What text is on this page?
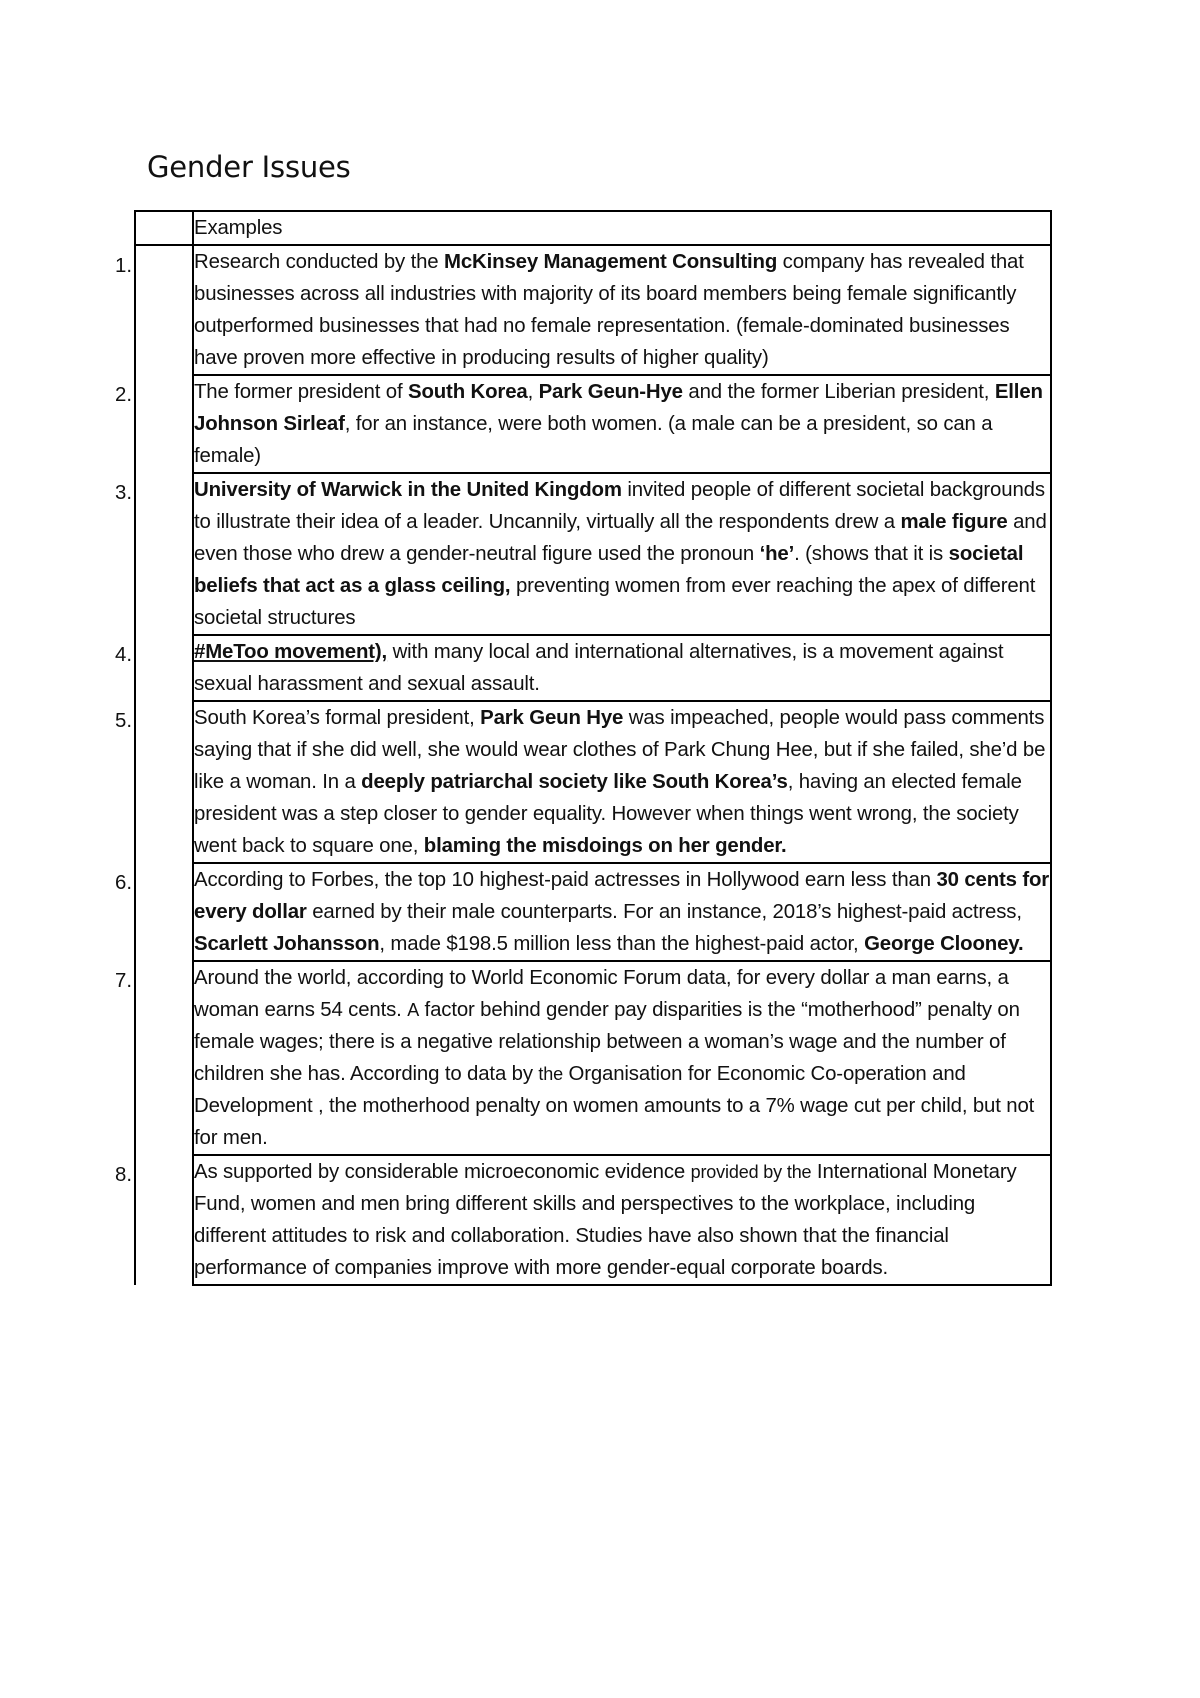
Gender Issues
	Examples

1.	Research conducted by the McKinsey Management Consulting company has revealed that businesses across all industries with majority of its board members being female significantly outperformed businesses that had no female representation. (female-dominated businesses have proven more effective in producing results of higher quality)

2.	The former president of South Korea, Park Geun-Hye and the former Liberian president, Ellen Johnson Sirleaf, for an instance, were both women. (a male can be a president, so can a female)

3.	University of Warwick in the United Kingdom invited people of different societal backgrounds to illustrate their idea of a leader. Uncannily, virtually all the respondents drew a male figure and even those who drew a gender-neutral figure used the pronoun ‘he’. (shows that it is societal beliefs that act as a glass ceiling, preventing women from ever reaching the apex of different societal structures

4.	#MeToo movement), with many local and international alternatives, is a movement against sexual harassment and sexual assault.

5.	South Korea’s formal president, Park Geun Hye was impeached, people would pass comments saying that if she did well, she would wear clothes of Park Chung Hee, but if she failed, she’d be like a woman. In a deeply patriarchal society like South Korea’s, having an elected female president was a step closer to gender equality. However when things went wrong, the society went back to square one, blaming the misdoings on her gender.

6.	According to Forbes, the top 10 highest-paid actresses in Hollywood earn less than 30 cents for every dollar earned by their male counterparts. For an instance, 2018’s highest-paid actress, Scarlett Johansson, made $198.5 million less than the highest-paid actor, George Clooney.

7.	Around the world, according to World Economic Forum data, for every dollar a man earns, a woman earns 54 cents. A factor behind gender pay disparities is the “motherhood” penalty on female wages; there is a negative relationship between a woman’s wage and the number of children she has. According to data by the Organisation for Economic Co-operation and Development , the motherhood penalty on women amounts to a 7% wage cut per child, but not for men.

8.	As supported by considerable microeconomic evidence provided by the International Monetary Fund, women and men bring different skills and perspectives to the workplace, including different attitudes to risk and collaboration. Studies have also shown that the financial performance of companies improve with more gender-equal corporate boards.
